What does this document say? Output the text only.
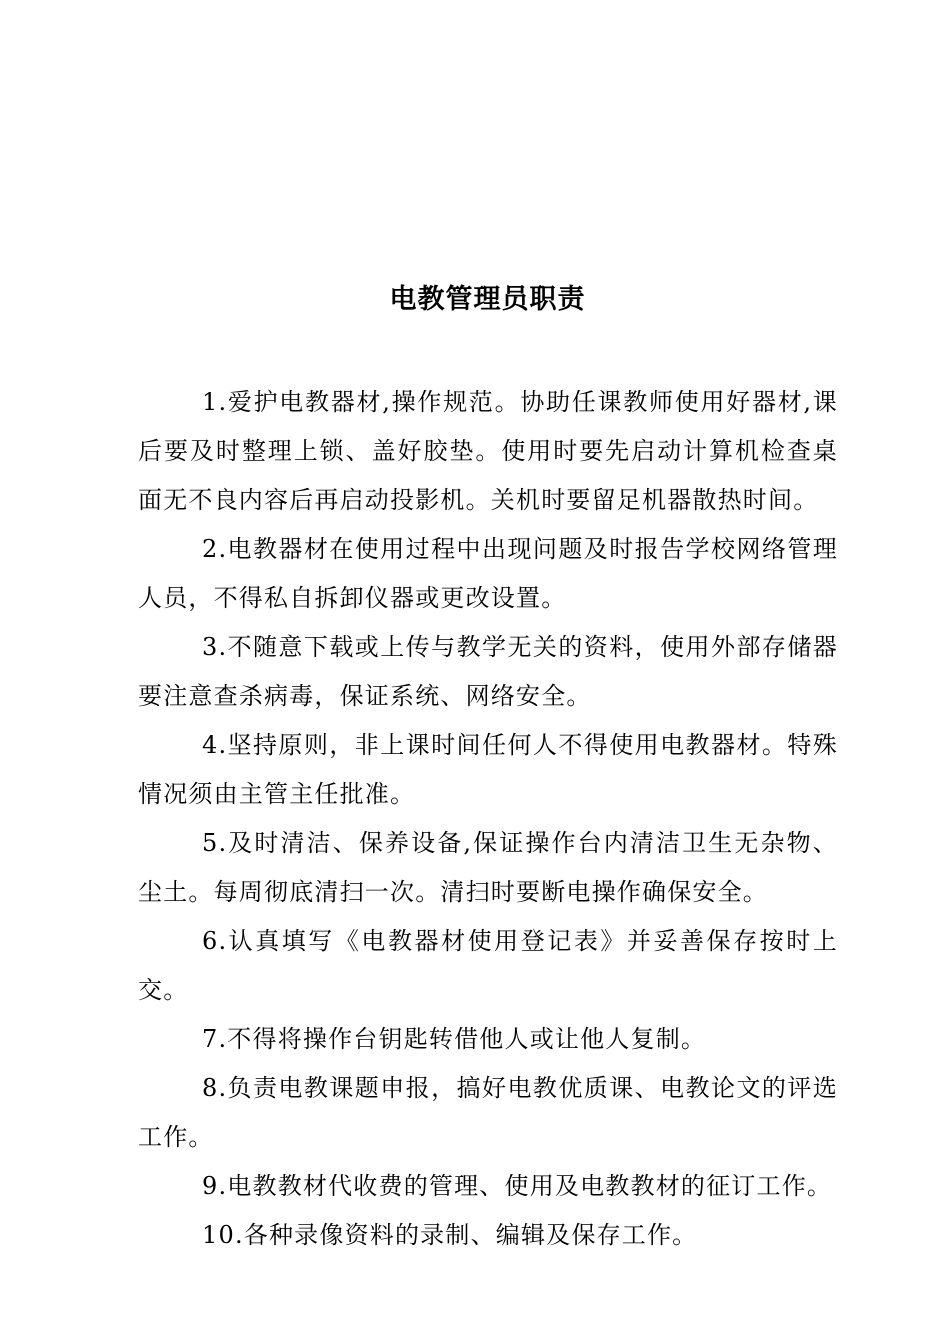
电教管理员职责

1.爱护电教器材,操作规范。协助任课教师使用好器材,课后要及时整理上锁、盖好胶垫。使用时要先启动计算机检查桌面无不良内容后再启动投影机。关机时要留足机器散热时间。

2.电教器材在使用过程中出现问题及时报告学校网络管理人员，不得私自拆卸仪器或更改设置。

3.不随意下载或上传与教学无关的资料，使用外部存储器要注意查杀病毒，保证系统、网络安全。

4.坚持原则，非上课时间任何人不得使用电教器材。特殊情况须由主管主任批准。

5.及时清洁、保养设备,保证操作台内清洁卫生无杂物、尘土。每周彻底清扫一次。清扫时要断电操作确保安全。

6.认真填写《电教器材使用登记表》并妥善保存按时上交。

7.不得将操作台钥匙转借他人或让他人复制。

8.负责电教课题申报，搞好电教优质课、电教论文的评选工作。

9.电教教材代收费的管理、使用及电教教材的征订工作。

10.各种录像资料的录制、编辑及保存工作。
